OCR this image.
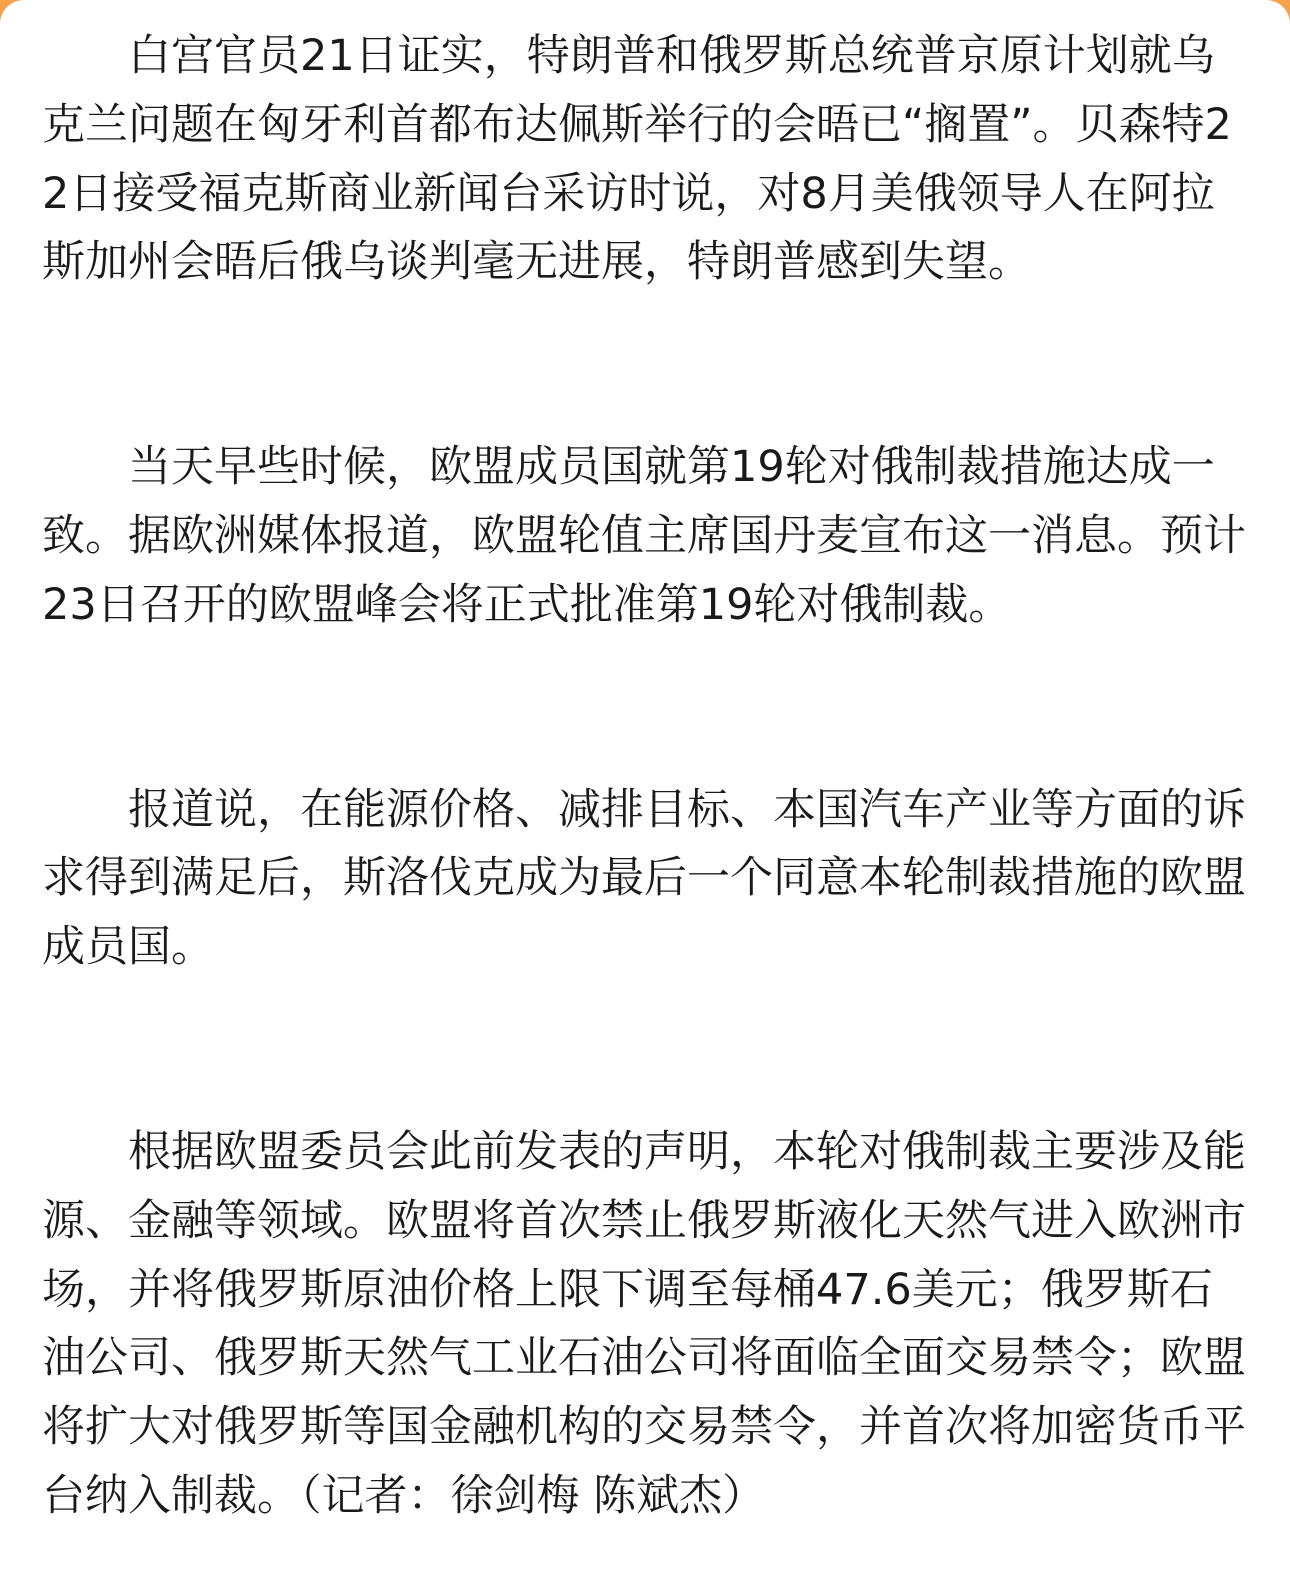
白宫官员21日证实，特朗普和俄罗斯总统普京原计划就乌克兰问题在匈牙利首都布达佩斯举行的会晤已“搁置”。贝森特22日接受福克斯商业新闻台采访时说，对8月美俄领导人在阿拉斯加州会晤后俄乌谈判毫无进展，特朗普感到失望。

当天早些时候，欧盟成员国就第19轮对俄制裁措施达成一致。据欧洲媒体报道，欧盟轮值主席国丹麦宣布这一消息。预计23日召开的欧盟峰会将正式批准第19轮对俄制裁。

报道说，在能源价格、减排目标、本国汽车产业等方面的诉求得到满足后，斯洛伐克成为最后一个同意本轮制裁措施的欧盟成员国。

根据欧盟委员会此前发表的声明，本轮对俄制裁主要涉及能源、金融等领域。欧盟将首次禁止俄罗斯液化天然气进入欧洲市场，并将俄罗斯原油价格上限下调至每桶47.6美元；俄罗斯石油公司、俄罗斯天然气工业石油公司将面临全面交易禁令；欧盟将扩大对俄罗斯等国金融机构的交易禁令，并首次将加密货币平台纳入制裁。（记者：徐剑梅 陈斌杰）
